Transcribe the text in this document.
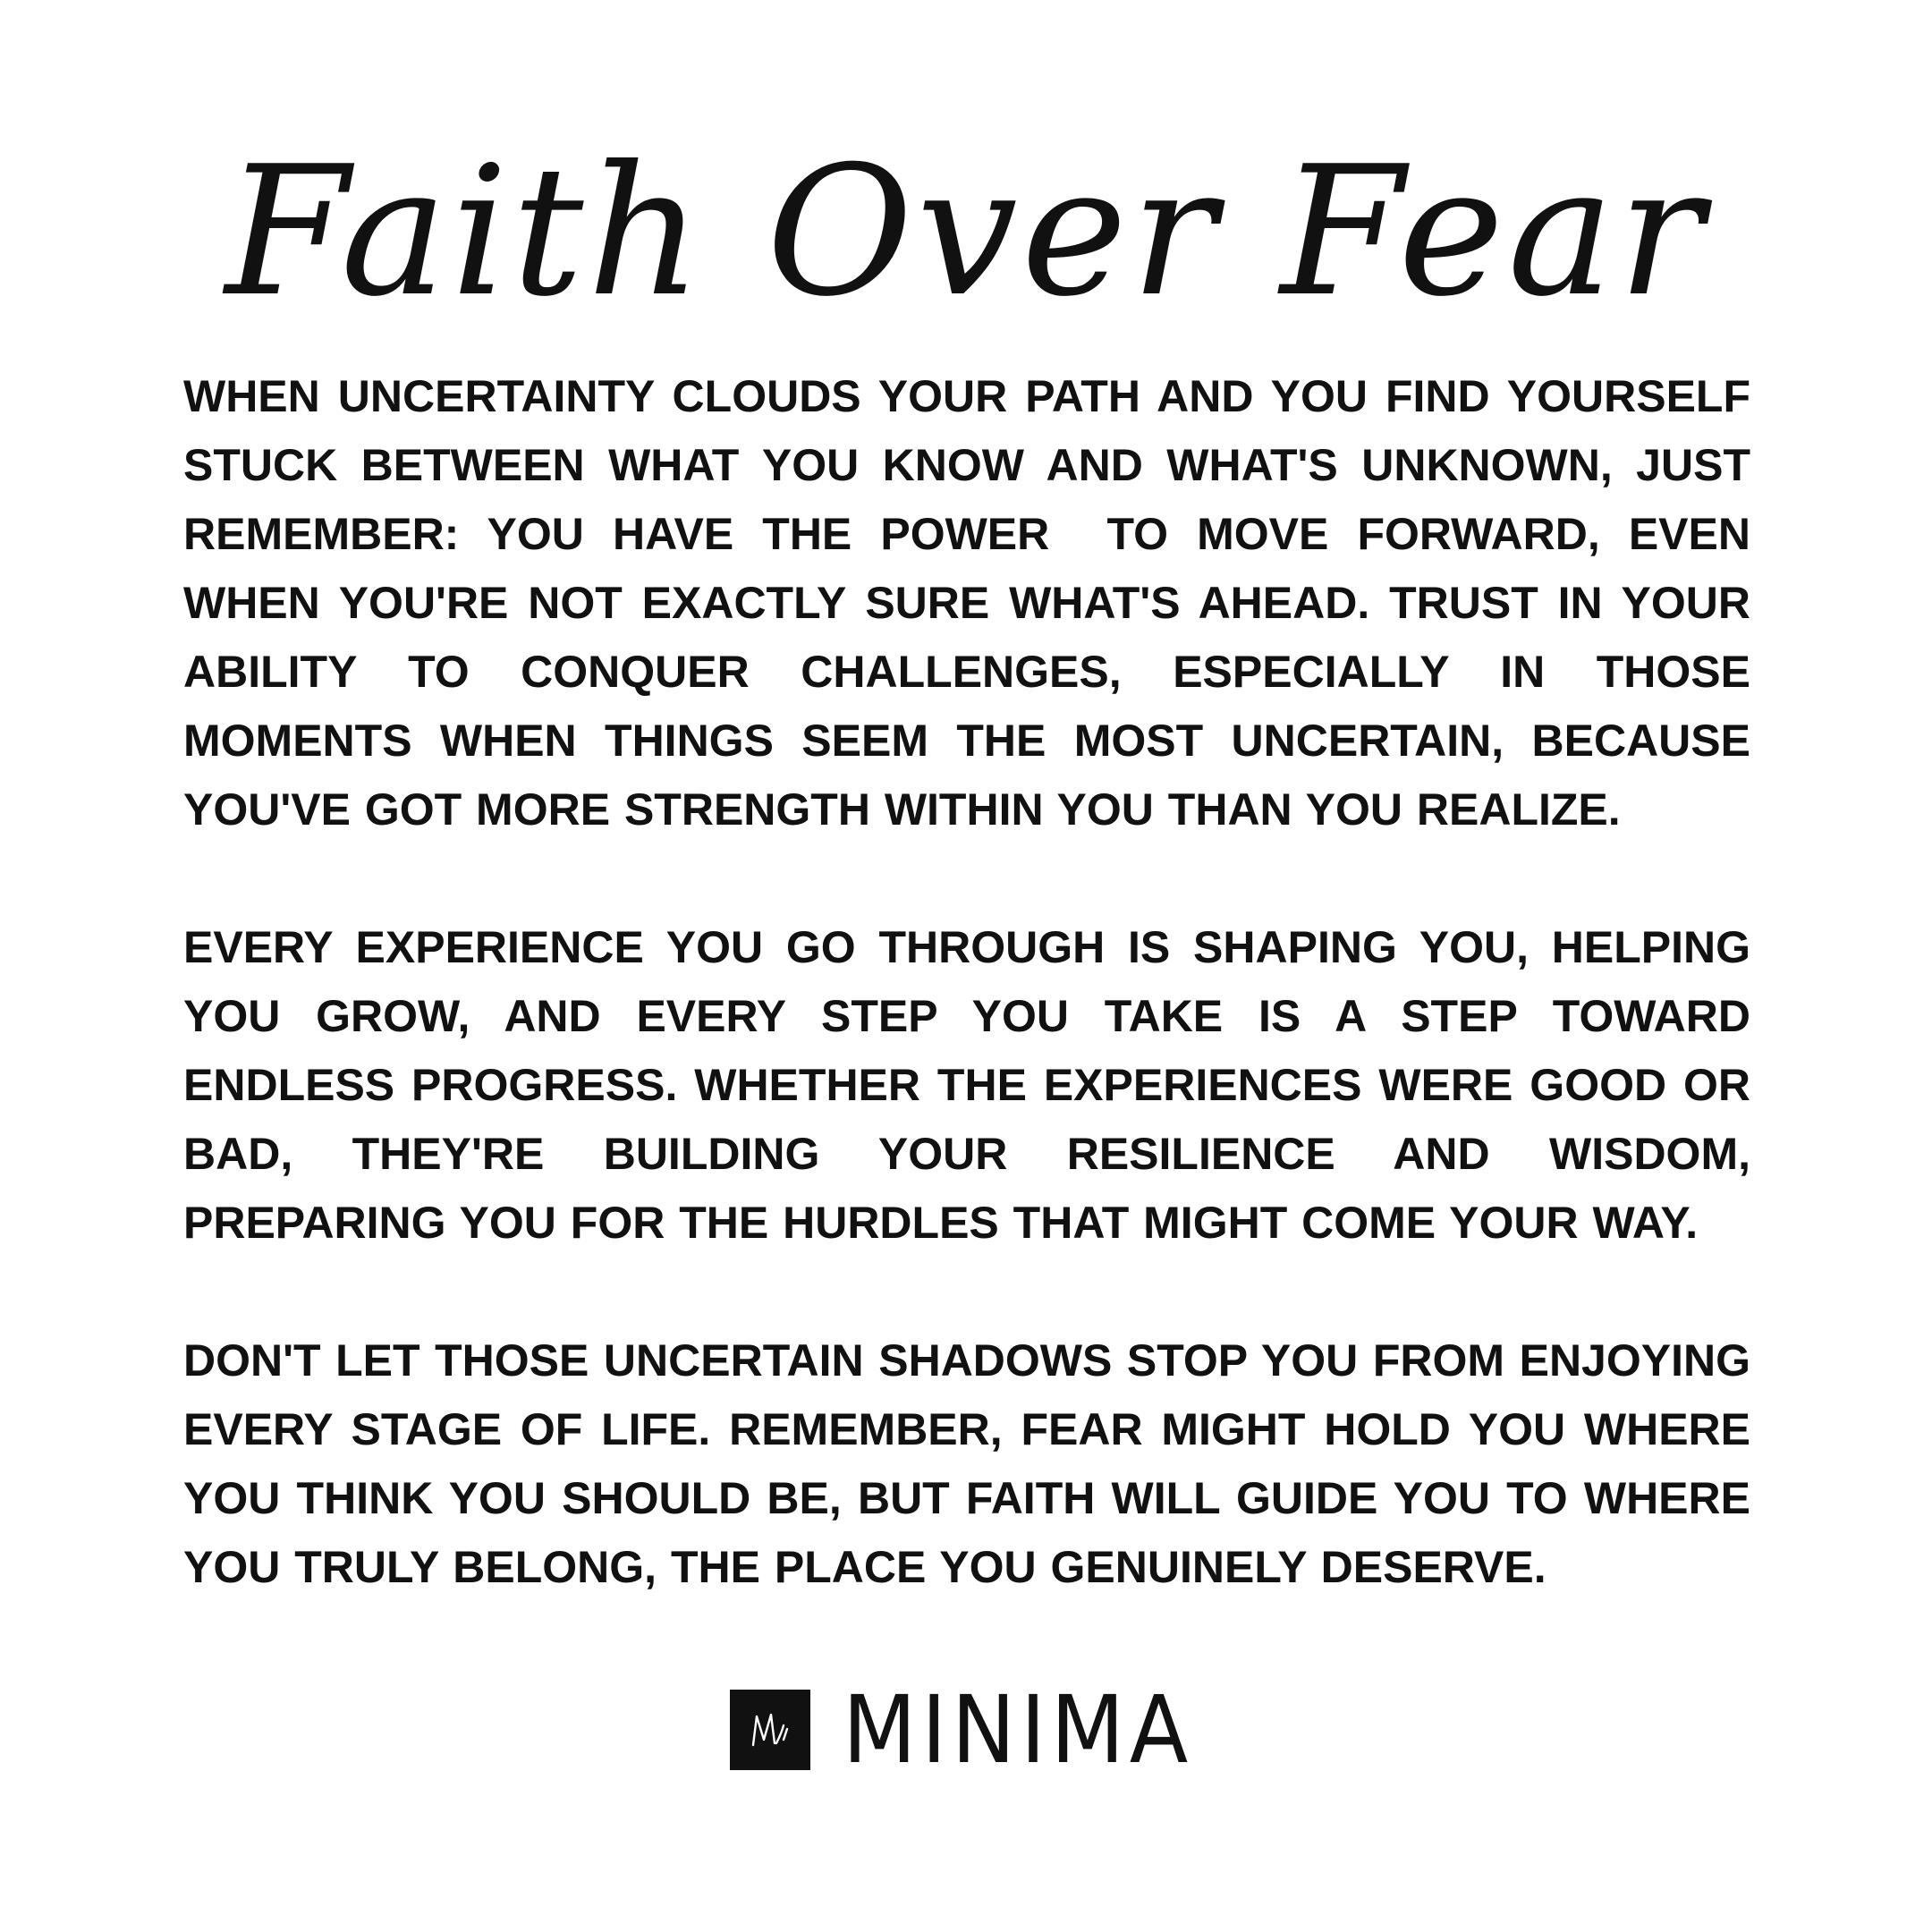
Faith Over Fear

WHEN UNCERTAINTY CLOUDS YOUR PATH AND YOU FIND YOURSELF STUCK BETWEEN WHAT YOU KNOW AND WHAT'S UNKNOWN, JUST REMEMBER: YOU HAVE THE POWER  TO MOVE FORWARD, EVEN WHEN YOU'RE NOT EXACTLY SURE WHAT'S AHEAD. TRUST IN YOUR ABILITY TO CONQUER CHALLENGES, ESPECIALLY IN THOSE MOMENTS WHEN THINGS SEEM THE MOST UNCERTAIN, BECAUSE YOU'VE GOT MORE STRENGTH WITHIN YOU THAN YOU REALIZE.

EVERY EXPERIENCE YOU GO THROUGH IS SHAPING YOU, HELPING YOU GROW, AND EVERY STEP YOU TAKE IS A STEP TOWARD ENDLESS PROGRESS. WHETHER THE EXPERIENCES WERE GOOD OR BAD, THEY'RE BUILDING YOUR RESILIENCE AND WISDOM, PREPARING YOU FOR THE HURDLES THAT MIGHT COME YOUR WAY.

DON'T LET THOSE UNCERTAIN SHADOWS STOP YOU FROM ENJOYING EVERY STAGE OF LIFE. REMEMBER, FEAR MIGHT HOLD YOU WHERE YOU THINK YOU SHOULD BE, BUT FAITH WILL GUIDE YOU TO WHERE YOU TRULY BELONG, THE PLACE YOU GENUINELY DESERVE.

MINIMA
